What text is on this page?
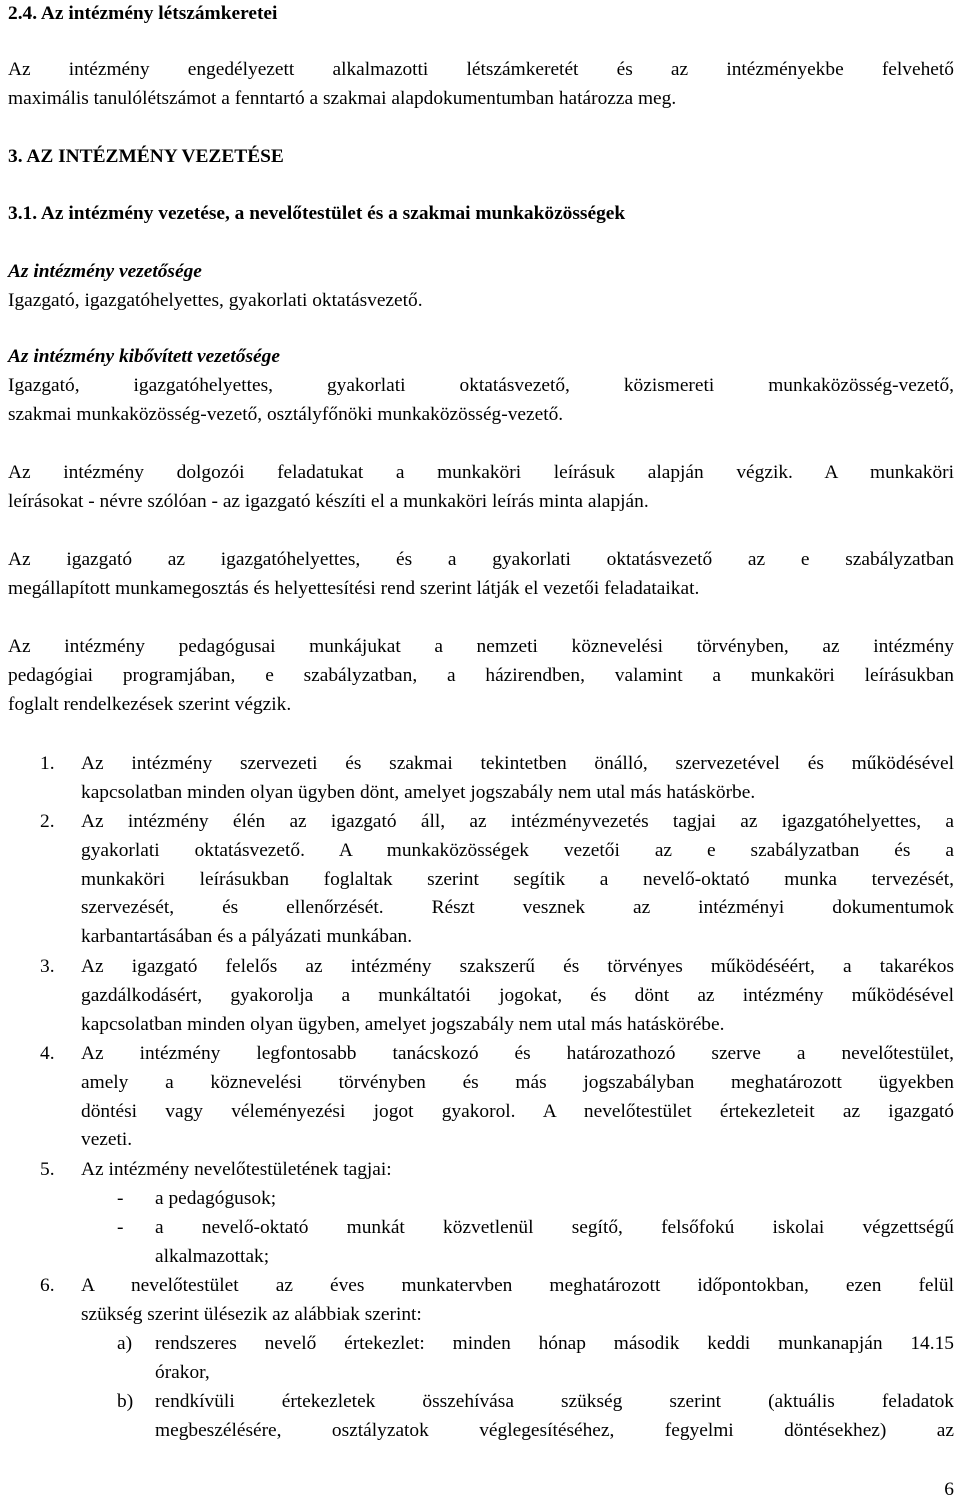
2.4. Az intézmény létszámkeretei
Az intézmény engedélyezett alkalmazotti létszámkeretét és az intézményekbe felvehető
maximális tanulólétszámot a fenntartó a szakmai alapdokumentumban határozza meg.
3. AZ INTÉZMÉNY VEZETÉSE
3.1. Az intézmény vezetése, a nevelőtestület és a szakmai munkaközösségek
Az intézmény vezetősége
Igazgató, igazgatóhelyettes, gyakorlati oktatásvezető.
Az intézmény kibővített vezetősége
Igazgató, igazgatóhelyettes, gyakorlati oktatásvezető, közismereti munkaközösség-vezető,
szakmai munkaközösség-vezető, osztályfőnöki munkaközösség-vezető.
Az intézmény dolgozói feladatukat a munkaköri leírásuk alapján végzik. A munkaköri
leírásokat - névre szólóan - az igazgató készíti el a munkaköri leírás minta alapján.
Az igazgató az igazgatóhelyettes, és a gyakorlati oktatásvezető az e szabályzatban
megállapított munkamegosztás és helyettesítési rend szerint látják el vezetői feladataikat.
Az intézmény pedagógusai munkájukat a nemzeti köznevelési törvényben, az intézmény
pedagógiai programjában, e szabályzatban, a házirendben, valamint a munkaköri leírásukban
foglalt rendelkezések szerint végzik.
1. Az intézmény szervezeti és szakmai tekintetben önálló, szervezetével és működésével
kapcsolatban minden olyan ügyben dönt, amelyet jogszabály nem utal más hatáskörbe.
2. Az intézmény élén az igazgató áll, az intézményvezetés tagjai az igazgatóhelyettes, a
gyakorlati oktatásvezető. A munkaközösségek vezetői az e szabályzatban és a
munkaköri leírásukban foglaltak szerint segítik a nevelő-oktató munka tervezését,
szervezését, és ellenőrzését. Részt vesznek az intézményi dokumentumok
karbantartásában és a pályázati munkában.
3. Az igazgató felelős az intézmény szakszerű és törvényes működéséért, a takarékos
gazdálkodásért, gyakorolja a munkáltatói jogokat, és dönt az intézmény működésével
kapcsolatban minden olyan ügyben, amelyet jogszabály nem utal más hatáskörébe.
4. Az intézmény legfontosabb tanácskozó és határozathozó szerve a nevelőtestület,
amely a köznevelési törvényben és más jogszabályban meghatározott ügyekben
döntési vagy véleményezési jogot gyakorol. A nevelőtestület értekezleteit az igazgató
vezeti.
5. Az intézmény nevelőtestületének tagjai:
- a pedagógusok;
- a nevelő-oktató munkát közvetlenül segítő, felsőfokú iskolai végzettségű
alkalmazottak;
6. A nevelőtestület az éves munkatervben meghatározott időpontokban, ezen felül
szükség szerint ülésezik az alábbiak szerint:
a) rendszeres nevelő értekezlet: minden hónap második keddi munkanapján 14.15
órakor,
b) rendkívüli értekezletek összehívása szükség szerint (aktuális feladatok
megbeszélésére, osztályzatok véglegesítéséhez, fegyelmi döntésekhez) az
6
